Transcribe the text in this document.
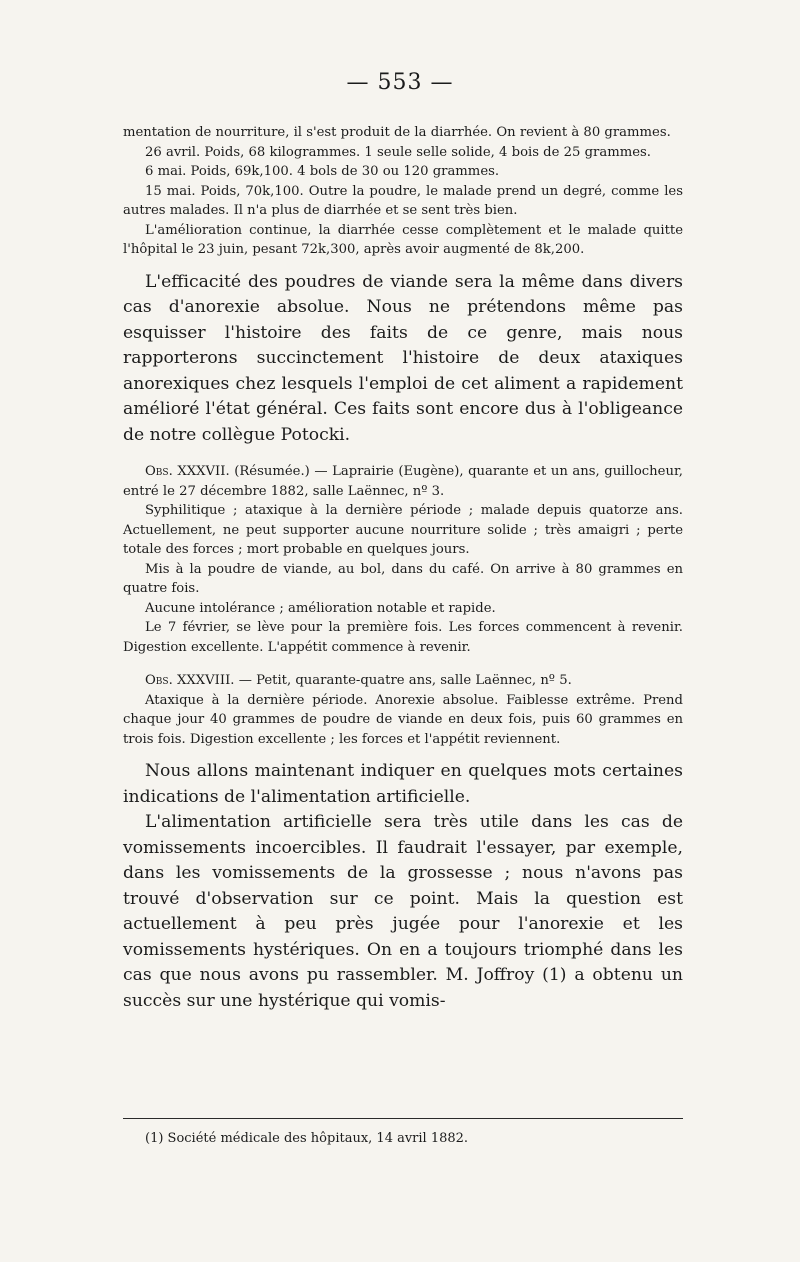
— 553 —

mentation de nourriture, il s'est produit de la diarrhée. On revient à 80 grammes.

26 avril. Poids, 68 kilogrammes. 1 seule selle solide, 4 bois de 25 grammes.

6 mai. Poids, 69k,100. 4 bols de 30 ou 120 grammes.

15 mai. Poids, 70k,100. Outre la poudre, le malade prend un degré, comme les autres malades. Il n'a plus de diarrhée et se sent très bien.

L'amélioration continue, la diarrhée cesse complètement et le malade quitte l'hôpital le 23 juin, pesant 72k,300, après avoir augmenté de 8k,200.

L'efficacité des poudres de viande sera la même dans divers cas d'anorexie absolue. Nous ne prétendons même pas esquisser l'histoire des faits de ce genre, mais nous rapporterons succinctement l'histoire de deux ataxiques anorexiques chez lesquels l'emploi de cet aliment a rapidement amélioré l'état général. Ces faits sont encore dus à l'obligeance de notre collègue Potocki.

Obs. XXXVII. (Résumée.) — Laprairie (Eugène), quarante et un ans, guillocheur, entré le 27 décembre 1882, salle Laënnec, nº 3.

Syphilitique ; ataxique à la dernière période ; malade depuis quatorze ans. Actuellement, ne peut supporter aucune nourriture solide ; très amaigri ; perte totale des forces ; mort probable en quelques jours.

Mis à la poudre de viande, au bol, dans du café. On arrive à 80 grammes en quatre fois.

Aucune intolérance ; amélioration notable et rapide.

Le 7 février, se lève pour la première fois. Les forces commencent à revenir. Digestion excellente. L'appétit commence à revenir.

Obs. XXXVIII. — Petit, quarante-quatre ans, salle Laënnec, nº 5.

Ataxique à la dernière période. Anorexie absolue. Faiblesse extrême. Prend chaque jour 40 grammes de poudre de viande en deux fois, puis 60 grammes en trois fois. Digestion excellente ; les forces et l'appétit reviennent.

Nous allons maintenant indiquer en quelques mots certaines indications de l'alimentation artificielle.

L'alimentation artificielle sera très utile dans les cas de vomissements incoercibles. Il faudrait l'essayer, par exemple, dans les vomissements de la grossesse ; nous n'avons pas trouvé d'observation sur ce point. Mais la question est actuellement à peu près jugée pour l'anorexie et les vomissements hystériques. On en a toujours triomphé dans les cas que nous avons pu rassembler. M. Joffroy (1) a obtenu un succès sur une hystérique qui vomis-

(1) Société médicale des hôpitaux, 14 avril 1882.
